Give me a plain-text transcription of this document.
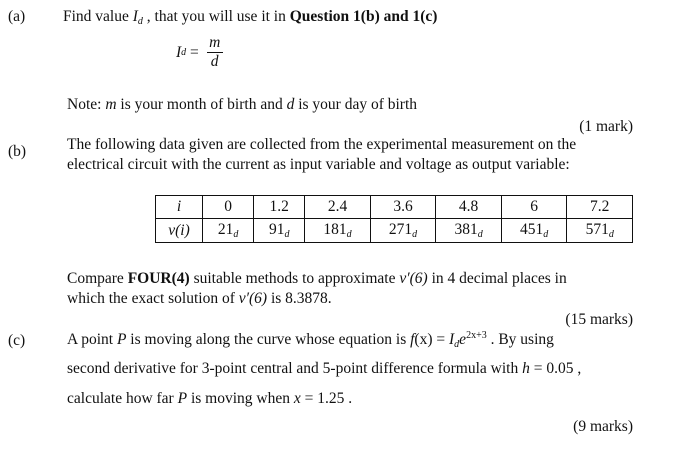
(a) Find value $I_d$ , that you will use it in Question 1(b) and 1(c)
I $d = \frac{m}{d}$
Note: m is your month of birth and d is your day of birth
(1 mark)
(b)	The following data given are collected from the experimental measurement on the
electrical circuit with the current as input variable and voltage as output variable:
i	0	1.2	2.4	3.6	4.8	6	7.2
v(i)	$21_d$	$91_d$	$181_d$	$271_d$	$381_d$	$451_d$	$571_d$
Compare FOUR(4) suitable methods to approximate v′(6) in 4 decimal places in
which the exact solution of v′(6) is 8.3878.
(15 marks)
(c)	A point P is moving along the curve whose equation is $f(x) = I_de^{2x+3}$ . By using
second derivative for 3-point central and 5-point difference formula with h = 0.05 ,
calculate how far P is moving when x = 1.25 .
(9 marks)
